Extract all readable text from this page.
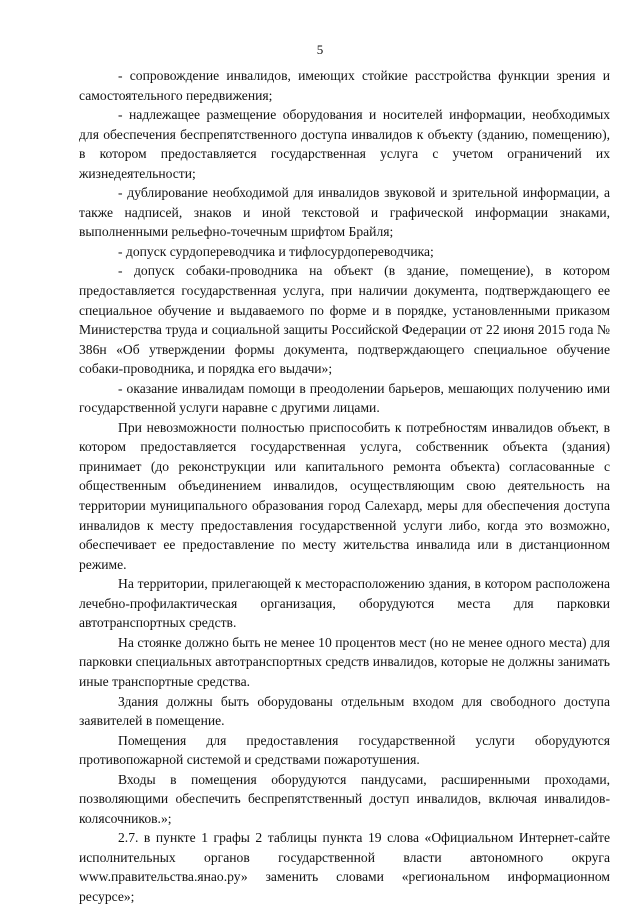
5

- сопровождение инвалидов, имеющих стойкие расстройства функции зрения и самостоятельного передвижения;

- надлежащее размещение оборудования и носителей информации, необходимых для обеспечения беспрепятственного доступа инвалидов к объекту (зданию, помещению), в котором предоставляется государственная услуга с учетом ограничений их жизнедеятельности;

- дублирование необходимой для инвалидов звуковой и зрительной информации, а также надписей, знаков и иной текстовой и графической информации знаками, выполненными рельефно-точечным шрифтом Брайля;

- допуск сурдопереводчика и тифлосурдопереводчика;

- допуск собаки-проводника на объект (в здание, помещение), в котором предоставляется государственная услуга, при наличии документа, подтверждающего ее специальное обучение и выдаваемого по форме и в порядке, установленными приказом Министерства труда и социальной защиты Российской Федерации от 22 июня 2015 года № 386н «Об утверждении формы документа, подтверждающего специальное обучение собаки-проводника, и порядка его выдачи»;

- оказание инвалидам помощи в преодолении барьеров, мешающих получению ими государственной услуги наравне с другими лицами.

При невозможности полностью приспособить к потребностям инвалидов объект, в котором предоставляется государственная услуга, собственник объекта (здания) принимает (до реконструкции или капитального ремонта объекта) согласованные с общественным объединением инвалидов, осуществляющим свою деятельность на территории муниципального образования город Салехард, меры для обеспечения доступа инвалидов к месту предоставления государственной услуги либо, когда это возможно, обеспечивает ее предоставление по месту жительства инвалида или в дистанционном режиме.

На территории, прилегающей к месторасположению здания, в котором расположена лечебно-профилактическая организация, оборудуются места для парковки автотранспортных средств.

На стоянке должно быть не менее 10 процентов мест (но не менее одного места) для парковки специальных автотранспортных средств инвалидов, которые не должны занимать иные транспортные средства.

Здания должны быть оборудованы отдельным входом для свободного доступа заявителей в помещение.

Помещения для предоставления государственной услуги оборудуются противопожарной системой и средствами пожаротушения.

Входы в помещения оборудуются пандусами, расширенными проходами, позволяющими обеспечить беспрепятственный доступ инвалидов, включая инвалидов-колясочников.»;

2.7. в пункте 1 графы 2 таблицы пункта 19 слова «Официальном Интернет-сайте исполнительных органов государственной власти автономного округа www.правительства.янао.ру» заменить словами «региональном информационном ресурсе»;
